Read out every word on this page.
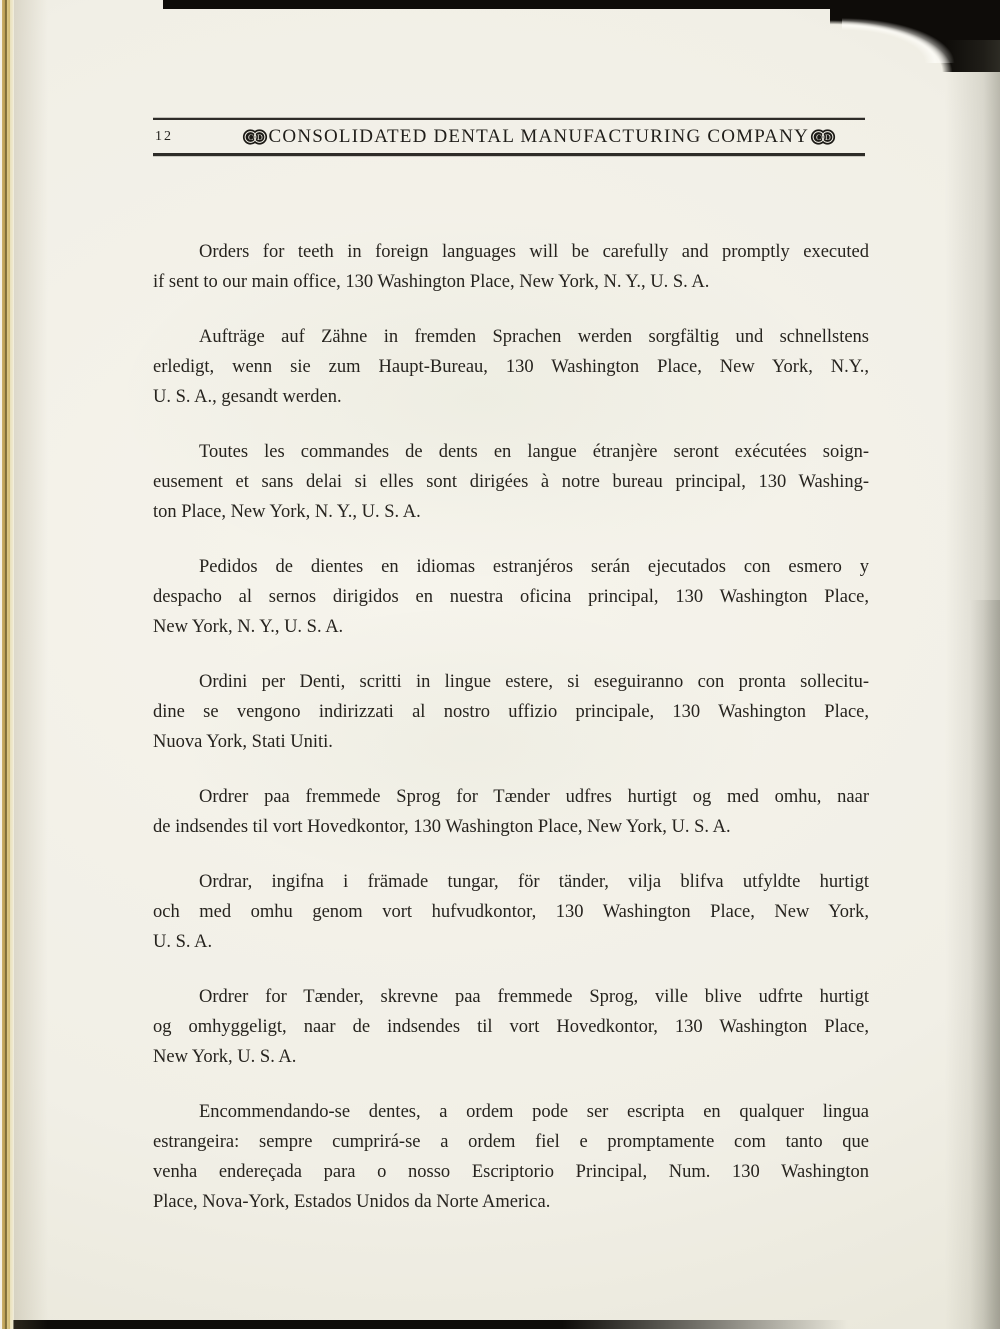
12	C D CONSOLIDATED DENTAL MANUFACTURING COMPANY C D

Orders for teeth in foreign languages will be carefully and promptly executed
if sent to our main office, 130 Washington Place, New York, N. Y., U. S. A.

Aufträge auf Zähne in fremden Sprachen werden sorgfältig und schnellstens
erledigt, wenn sie zum Haupt-Bureau, 130 Washington Place, New York, N.Y.,
U. S. A., gesandt werden.

Toutes les commandes de dents en langue étranjère seront exécutées soign-
eusement et sans delai si elles sont dirigées à notre bureau principal, 130 Washing-
ton Place, New York, N. Y., U. S. A.

Pedidos de dientes en idiomas estranjéros serán ejecutados con esmero y
despacho al sernos dirigidos en nuestra oficina principal, 130 Washington Place,
New York, N. Y., U. S. A.

Ordini per Denti, scritti in lingue estere, si eseguiranno con pronta sollecitu-
dine se vengono indirizzati al nostro uffizio principale, 130 Washington Place,
Nuova York, Stati Uniti.

Ordrer paa fremmede Sprog for Tænder udfres hurtigt og med omhu, naar
de indsendes til vort Hovedkontor, 130 Washington Place, New York, U. S. A.

Ordrar, ingifna i främade tungar, för tänder, vilja blifva utfyldte hurtigt
och med omhu genom vort hufvudkontor, 130 Washington Place, New York,
U. S. A.

Ordrer for Tænder, skrevne paa fremmede Sprog, ville blive udfrte hurtigt
og omhyggeligt, naar de indsendes til vort Hovedkontor, 130 Washington Place,
New York, U. S. A.

Encommendando-se dentes, a ordem pode ser escripta en qualquer lingua
estrangeira: sempre cumprirá-se a ordem fiel e promptamente com tanto que
venha endereçada para o nosso Escriptorio Principal, Num. 130 Washington
Place, Nova-York, Estados Unidos da Norte America.
